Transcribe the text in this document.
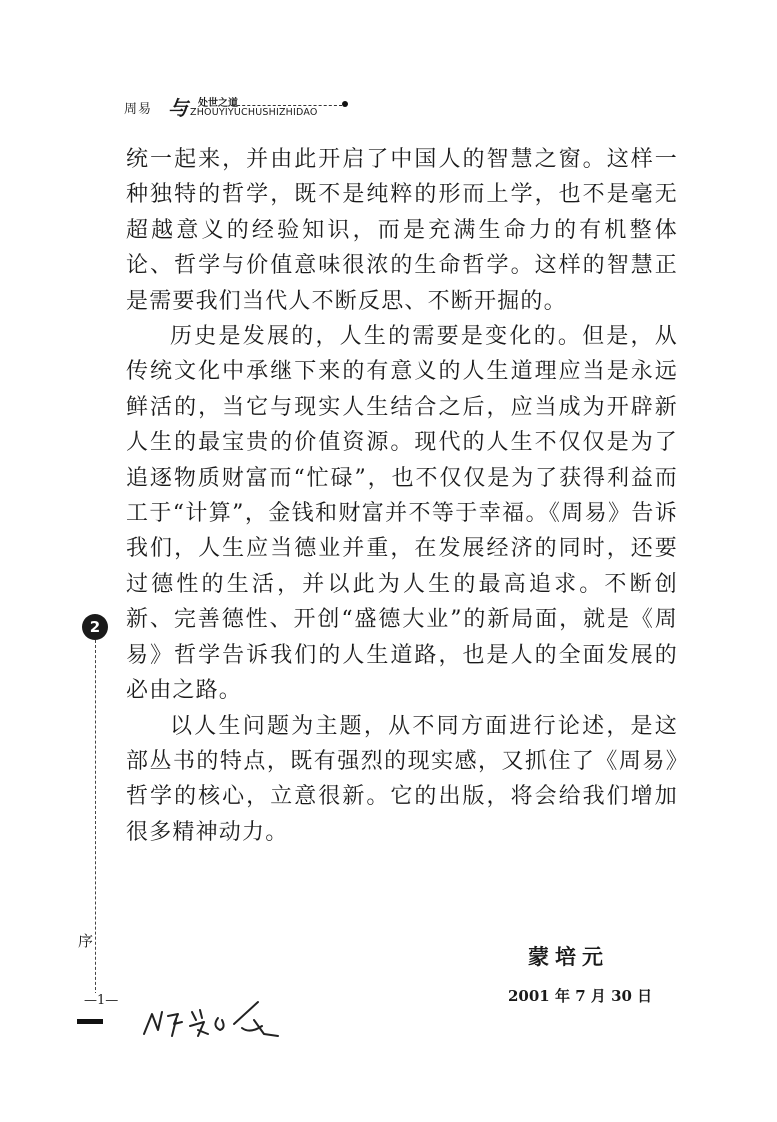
周易 与 处世之道
ZHOUYIYUCHUSHIZHIDAO

统一起来，并由此开启了中国人的智慧之窗。这样一种独特的哲学，既不是纯粹的形而上学，也不是毫无超越意义的经验知识，而是充满生命力的有机整体论、哲学与价值意味很浓的生命哲学。这样的智慧正是需要我们当代人不断反思、不断开掘的。

历史是发展的，人生的需要是变化的。但是，从传统文化中承继下来的有意义的人生道理应当是永远鲜活的，当它与现实人生结合之后，应当成为开辟新人生的最宝贵的价值资源。现代的人生不仅仅是为了追逐物质财富而“忙碌”，也不仅仅是为了获得利益而工于“计算”，金钱和财富并不等于幸福。《周易》告诉我们，人生应当德业并重，在发展经济的同时，还要过德性的生活，并以此为人生的最高追求。不断创新、完善德性、开创“盛德大业”的新局面，就是《周易》哲学告诉我们的人生道路，也是人的全面发展的必由之路。

以人生问题为主题，从不同方面进行论述，是这部丛书的特点，既有强烈的现实感，又抓住了《周易》哲学的核心，立意很新。它的出版，将会给我们增加很多精神动力。

蒙培元
2001 年 7 月 30 日
2
序
—1—
